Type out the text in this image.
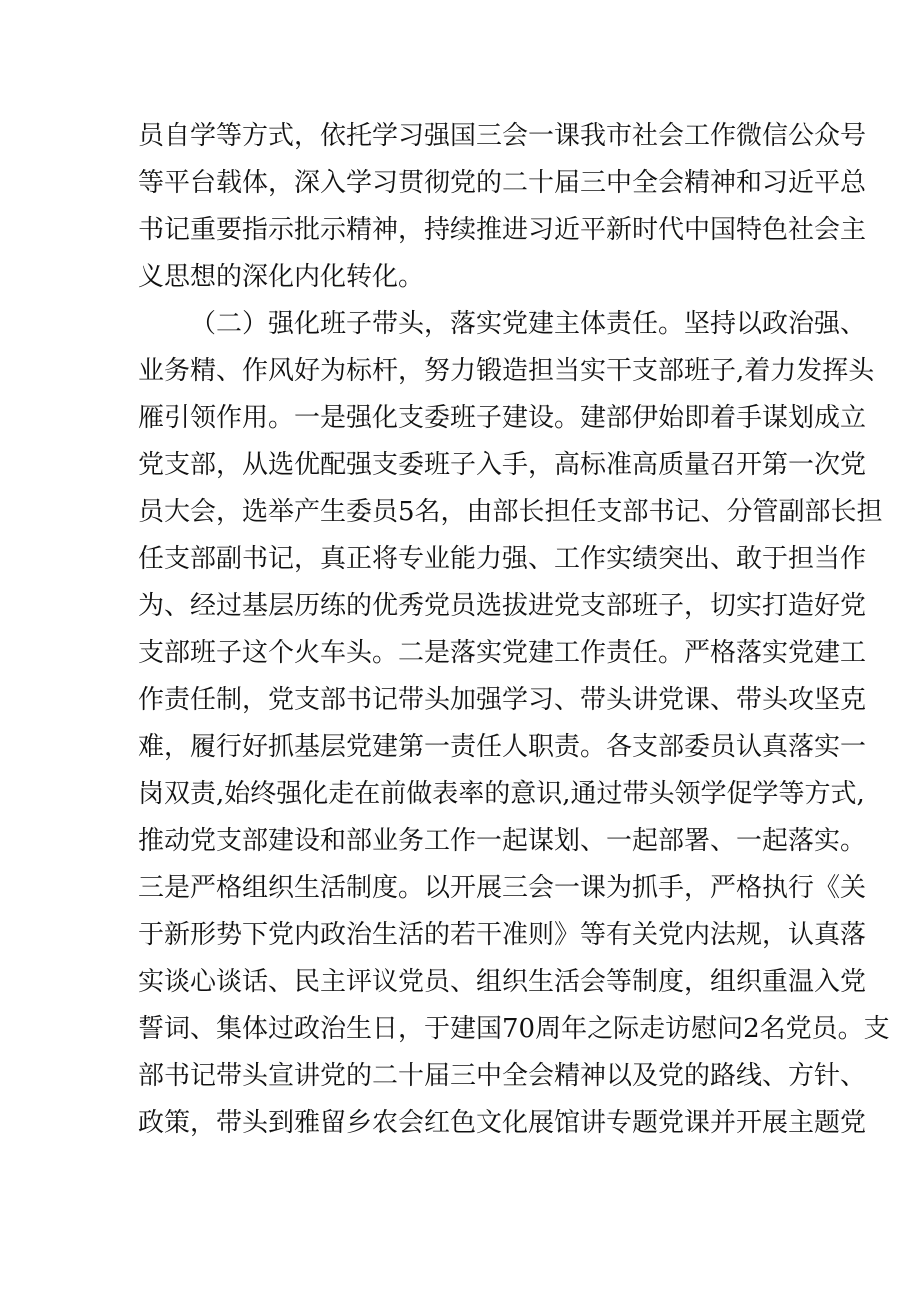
员自学等方式，依托学习强国三会一课我市社会工作微信公众号
等平台载体，深入学习贯彻党的二十届三中全会精神和习近平总
书记重要指示批示精神，持续推进习近平新时代中国特色社会主
义思想的深化内化转化。
（二）强化班子带头，落实党建主体责任。坚持以政治强、
业务精、作风好为标杆，努力锻造担当实干支部班子,着力发挥头
雁引领作用。一是强化支委班子建设。建部伊始即着手谋划成立
党支部，从选优配强支委班子入手，高标准高质量召开第一次党
员大会，选举产生委员5名，由部长担任支部书记、分管副部长担
任支部副书记，真正将专业能力强、工作实绩突出、敢于担当作
为、经过基层历练的优秀党员选拔进党支部班子，切实打造好党
支部班子这个火车头。二是落实党建工作责任。严格落实党建工
作责任制，党支部书记带头加强学习、带头讲党课、带头攻坚克
难，履行好抓基层党建第一责任人职责。各支部委员认真落实一
岗双责,始终强化走在前做表率的意识,通过带头领学促学等方式,
推动党支部建设和部业务工作一起谋划、一起部署、一起落实。
三是严格组织生活制度。以开展三会一课为抓手，严格执行《关
于新形势下党内政治生活的若干准则》等有关党内法规，认真落
实谈心谈话、民主评议党员、组织生活会等制度，组织重温入党
誓词、集体过政治生日，于建国70周年之际走访慰问2名党员。支
部书记带头宣讲党的二十届三中全会精神以及党的路线、方针、
政策，带头到雅留乡农会红色文化展馆讲专题党课并开展主题党
